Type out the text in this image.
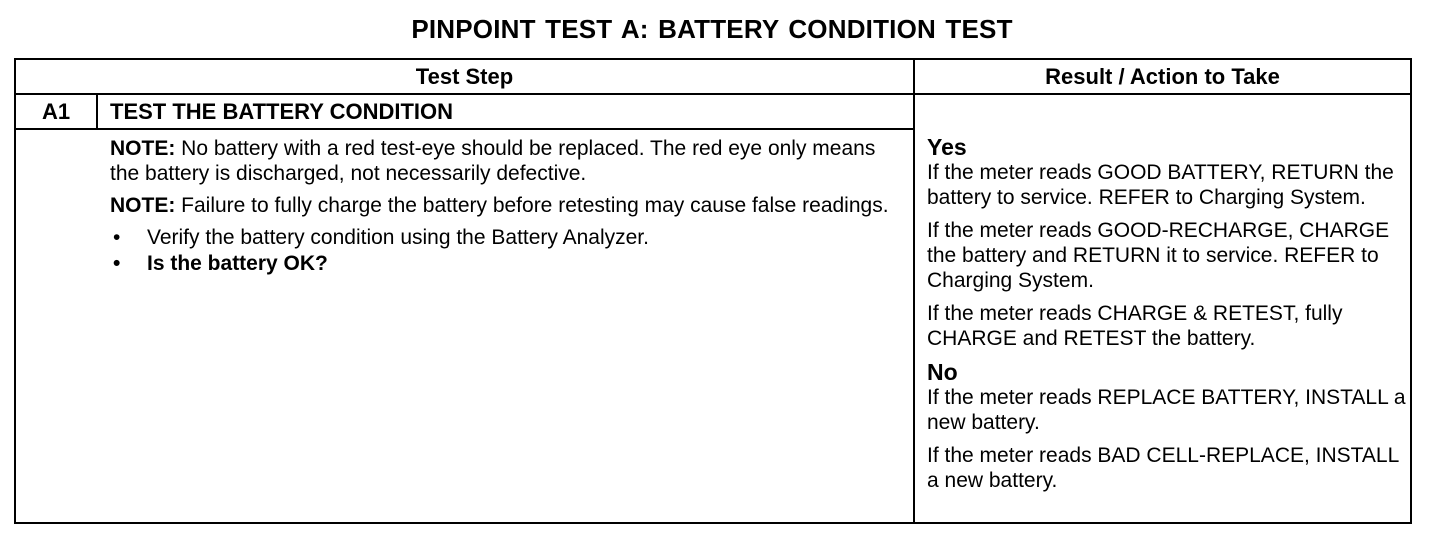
PINPOINT TEST A: BATTERY CONDITION TEST
Test Step	Result / Action to Take
A1	TEST THE BATTERY CONDITION

NOTE: No battery with a red test-eye should be replaced. The red eye only means the battery is discharged, not necessarily defective.

NOTE: Failure to fully charge the battery before retesting may cause false readings.

• Verify the battery condition using the Battery Analyzer.
• Is the battery OK?
Yes

If the meter reads GOOD BATTERY, RETURN the battery to service. REFER to Charging System.

If the meter reads GOOD-RECHARGE, CHARGE the battery and RETURN it to service. REFER to Charging System.

If the meter reads CHARGE & RETEST, fully CHARGE and RETEST the battery.

No

If the meter reads REPLACE BATTERY, INSTALL a new battery.

If the meter reads BAD CELL-REPLACE, INSTALL a new battery.
